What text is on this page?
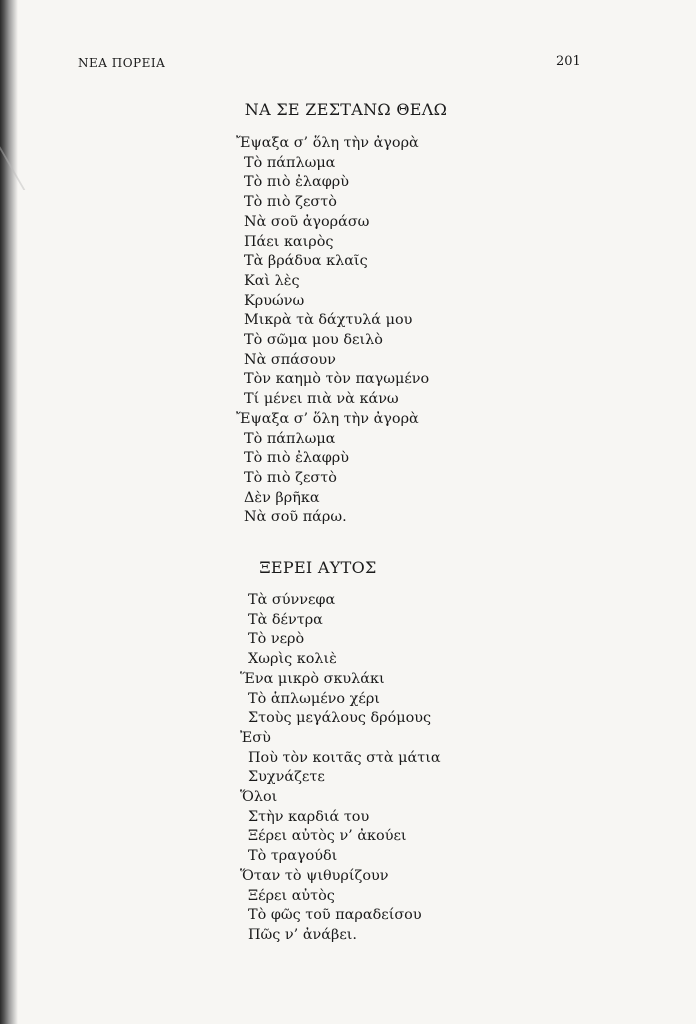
ΝΕΑ ΠΟΡΕΙΑ	201
ΝΑ ΣΕ ΖΕΣΤΑΝΩ ΘΕΛΩ
Ἔψαξα σ’ ὅλη τὴν ἀγορὰ
Τὸ πάπλωμα
Τὸ πιὸ ἐλαφρὺ
Τὸ πιὸ ζεστὸ
Νὰ σοῦ ἀγοράσω
Πάει καιρὸς
Τὰ βράδυα κλαῖς
Καὶ λὲς
Κρυώνω
Μικρὰ τὰ δάχτυλά μου
Τὸ σῶμα μου δειλὸ
Νὰ σπάσουν
Τὸν καημὸ τὸν παγωμένο
Τί μένει πιὰ νὰ κάνω
Ἔψαξα σ’ ὅλη τὴν ἀγορὰ
Τὸ πάπλωμα
Τὸ πιὸ ἐλαφρὺ
Τὸ πιὸ ζεστὸ
Δὲν βρῆκα
Νὰ σοῦ πάρω.
ΞΕΡΕΙ ΑΥΤΟΣ
Τὰ σύννεφα
Τὰ δέντρα
Τὸ νερὸ
Χωρὶς κολιὲ
Ἕνα μικρὸ σκυλάκι
Τὸ ἁπλωμένο χέρι
Στοὺς μεγάλους δρόμους
Ἐσὺ
Ποὺ τὸν κοιτᾶς στὰ μάτια
Συχνάζετε
Ὅλοι
Στὴν καρδιά του
Ξέρει αὐτὸς ν’ ἀκούει
Τὸ τραγούδι
Ὅταν τὸ ψιθυρίζουν
Ξέρει αὐτὸς
Τὸ φῶς τοῦ παραδείσου
Πῶς ν’ ἀνάβει.
